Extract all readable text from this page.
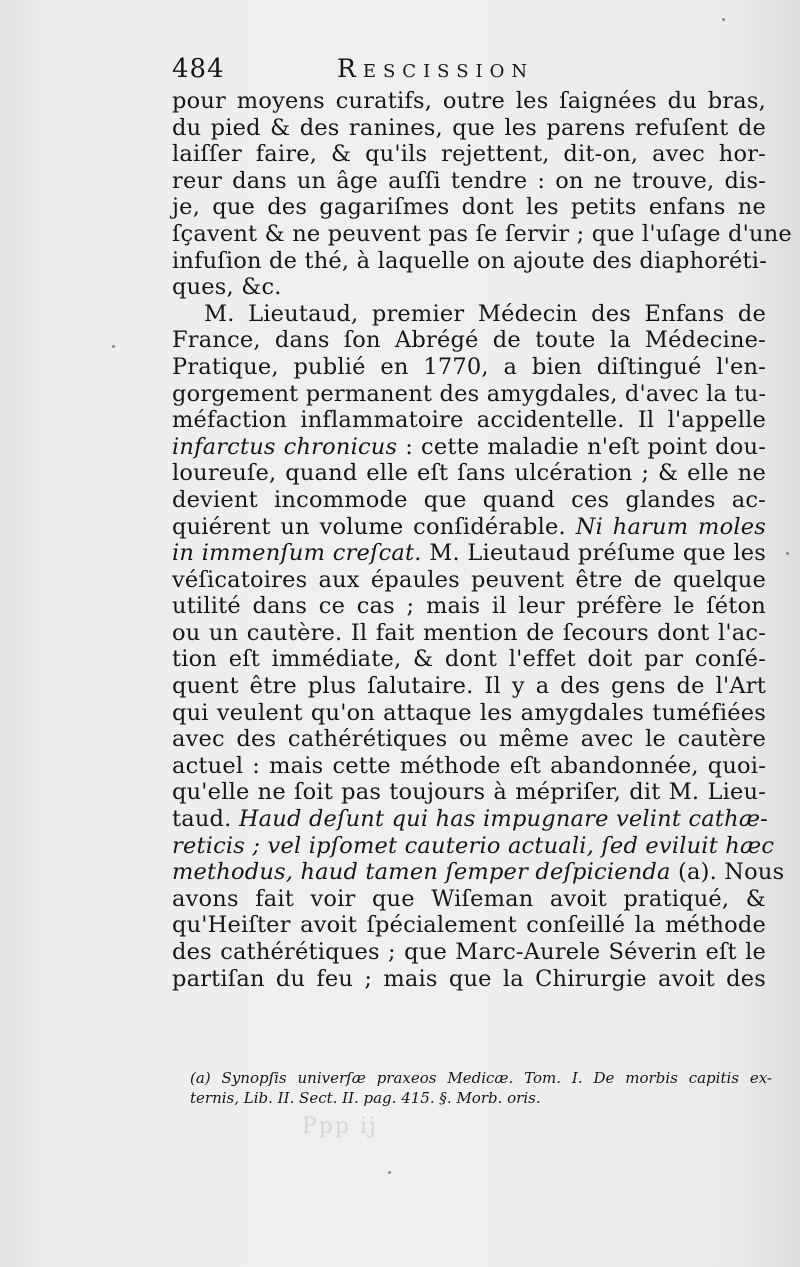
484	Rescission
pour moyens curatifs, outre les ſaignées du bras,
du pied & des ranines, que les parens refuſent de
laiſſer faire, & qu'ils rejettent, dit-on, avec hor-
reur dans un âge auſſi tendre : on ne trouve, dis-
je, que des gagariſmes dont les petits enfans ne
ſçavent & ne peuvent pas ſe ſervir ; que l'uſage d'une
infuſion de thé, à laquelle on ajoute des diaphoréti-
ques, &c.
M. Lieutaud, premier Médecin des Enfans de
France, dans ſon Abrégé de toute la Médecine-
Pratique, publié en 1770, a bien diſtingué l'en-
gorgement permanent des amygdales, d'avec la tu-
méfaction inflammatoire accidentelle. Il l'appelle
infarctus chronicus : cette maladie n'eſt point dou-
loureuſe, quand elle eſt ſans ulcération ; & elle ne
devient incommode que quand ces glandes ac-
quiérent un volume conſidérable. Ni harum moles
in immenſum creſcat. M. Lieutaud préſume que les
véſicatoires aux épaules peuvent être de quelque
utilité dans ce cas ; mais il leur préfère le ſéton
ou un cautère. Il fait mention de ſecours dont l'ac-
tion eſt immédiate, & dont l'effet doit par conſé-
quent être plus ſalutaire. Il y a des gens de l'Art
qui veulent qu'on attaque les amygdales tuméfiées
avec des cathérétiques ou même avec le cautère
actuel : mais cette méthode eſt abandonnée, quoi-
qu'elle ne ſoit pas toujours à mépriſer, dit M. Lieu-
taud. Haud deſunt qui has impugnare velint cathæ-
reticis ; vel ipſomet cauterio actuali, ſed eviluit hæc
methodus, haud tamen ſemper deſpicienda (a). Nous
avons fait voir que Wiſeman avoit pratiqué, &
qu'Heiſter avoit ſpécialement conſeillé la méthode
des cathérétiques ; que Marc-Aurele Séverin eſt le
partiſan du feu ; mais que la Chirurgie avoit des
(a) Synopſis univerſæ praxeos Medicæ. Tom. I. De morbis capitis ex-
ternis, Lib. II. Sect. II. pag. 415. §. Morb. oris.
Ppp ij
